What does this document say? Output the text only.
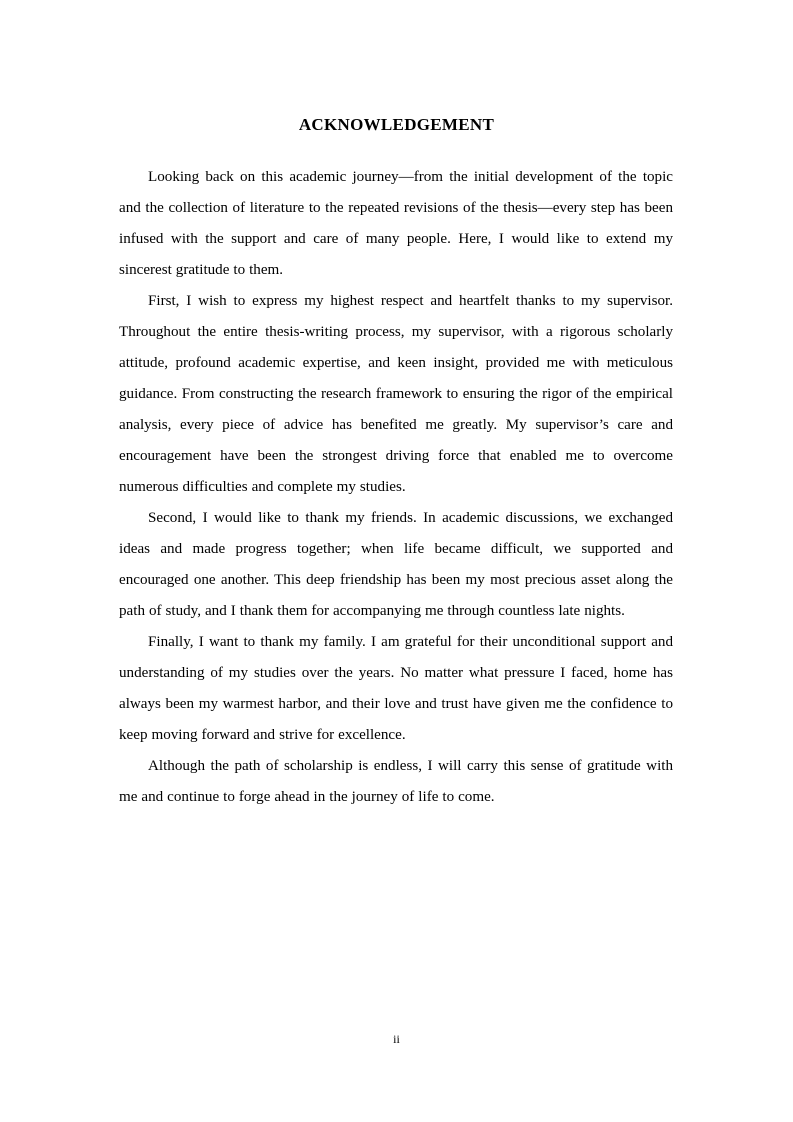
ACKNOWLEDGEMENT

Looking back on this academic journey—from the initial development of the topic and the collection of literature to the repeated revisions of the thesis—every step has been infused with the support and care of many people. Here, I would like to extend my sincerest gratitude to them.

First, I wish to express my highest respect and heartfelt thanks to my supervisor. Throughout the entire thesis-writing process, my supervisor, with a rigorous scholarly attitude, profound academic expertise, and keen insight, provided me with meticulous guidance. From constructing the research framework to ensuring the rigor of the empirical analysis, every piece of advice has benefited me greatly. My supervisor’s care and encouragement have been the strongest driving force that enabled me to overcome numerous difficulties and complete my studies.

Second, I would like to thank my friends. In academic discussions, we exchanged ideas and made progress together; when life became difficult, we supported and encouraged one another. This deep friendship has been my most precious asset along the path of study, and I thank them for accompanying me through countless late nights.

Finally, I want to thank my family. I am grateful for their unconditional support and understanding of my studies over the years. No matter what pressure I faced, home has always been my warmest harbor, and their love and trust have given me the confidence to keep moving forward and strive for excellence.

Although the path of scholarship is endless, I will carry this sense of gratitude with me and continue to forge ahead in the journey of life to come.

ii
